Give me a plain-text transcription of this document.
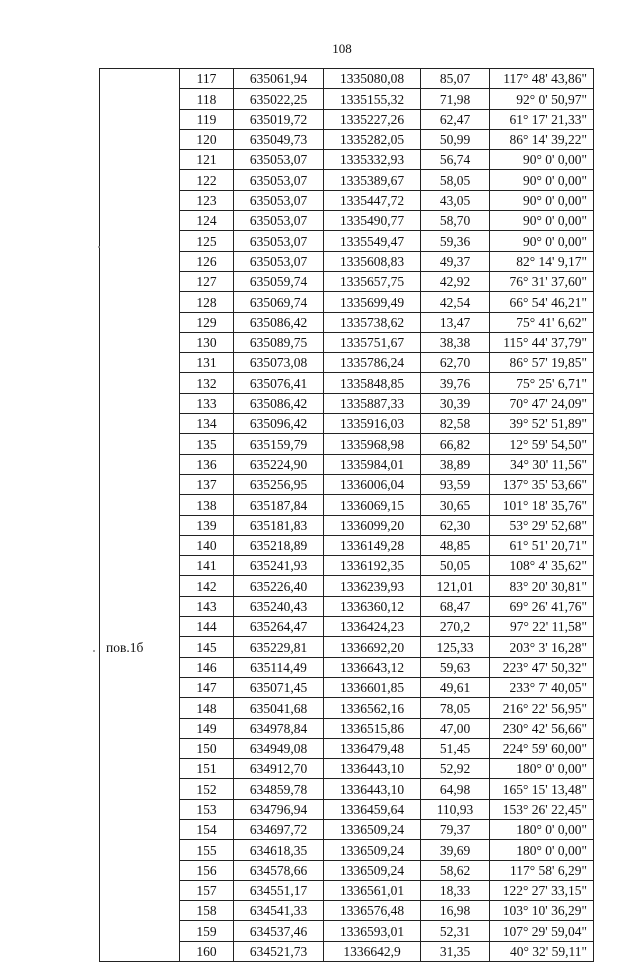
108
	117	635061,94	1335080,08	85,07	117° 48' 43,86"
	118	635022,25	1335155,32	71,98	92° 0' 50,97"
	119	635019,72	1335227,26	62,47	61° 17' 21,33"
	120	635049,73	1335282,05	50,99	86° 14' 39,22"
	121	635053,07	1335332,93	56,74	90° 0' 0,00"
	122	635053,07	1335389,67	58,05	90° 0' 0,00"
	123	635053,07	1335447,72	43,05	90° 0' 0,00"
	124	635053,07	1335490,77	58,70	90° 0' 0,00"
	125	635053,07	1335549,47	59,36	90° 0' 0,00"
	126	635053,07	1335608,83	49,37	82° 14' 9,17"
	127	635059,74	1335657,75	42,92	76° 31' 37,60"
	128	635069,74	1335699,49	42,54	66° 54' 46,21"
	129	635086,42	1335738,62	13,47	75° 41' 6,62"
	130	635089,75	1335751,67	38,38	115° 44' 37,79"
	131	635073,08	1335786,24	62,70	86° 57' 19,85"
	132	635076,41	1335848,85	39,76	75° 25' 6,71"
	133	635086,42	1335887,33	30,39	70° 47' 24,09"
	134	635096,42	1335916,03	82,58	39° 52' 51,89"
	135	635159,79	1335968,98	66,82	12° 59' 54,50"
	136	635224,90	1335984,01	38,89	34° 30' 11,56"
	137	635256,95	1336006,04	93,59	137° 35' 53,66"
	138	635187,84	1336069,15	30,65	101° 18' 35,76"
	139	635181,83	1336099,20	62,30	53° 29' 52,68"
	140	635218,89	1336149,28	48,85	61° 51' 20,71"
	141	635241,93	1336192,35	50,05	108° 4' 35,62"
	142	635226,40	1336239,93	121,01	83° 20' 30,81"
	143	635240,43	1336360,12	68,47	69° 26' 41,76"
	144	635264,47	1336424,23	270,2	97° 22' 11,58"
пов.1б	145	635229,81	1336692,20	125,33	203° 3' 16,28"
	146	635114,49	1336643,12	59,63	223° 47' 50,32"
	147	635071,45	1336601,85	49,61	233° 7' 40,05"
	148	635041,68	1336562,16	78,05	216° 22' 56,95"
	149	634978,84	1336515,86	47,00	230° 42' 56,66"
	150	634949,08	1336479,48	51,45	224° 59' 60,00"
	151	634912,70	1336443,10	52,92	180° 0' 0,00"
	152	634859,78	1336443,10	64,98	165° 15' 13,48"
	153	634796,94	1336459,64	110,93	153° 26' 22,45"
	154	634697,72	1336509,24	79,37	180° 0' 0,00"
	155	634618,35	1336509,24	39,69	180° 0' 0,00"
	156	634578,66	1336509,24	58,62	117° 58' 6,29"
	157	634551,17	1336561,01	18,33	122° 27' 33,15"
	158	634541,33	1336576,48	16,98	103° 10' 36,29"
	159	634537,46	1336593,01	52,31	107° 29' 59,04"
	160	634521,73	1336642,9	31,35	40° 32' 59,11"
